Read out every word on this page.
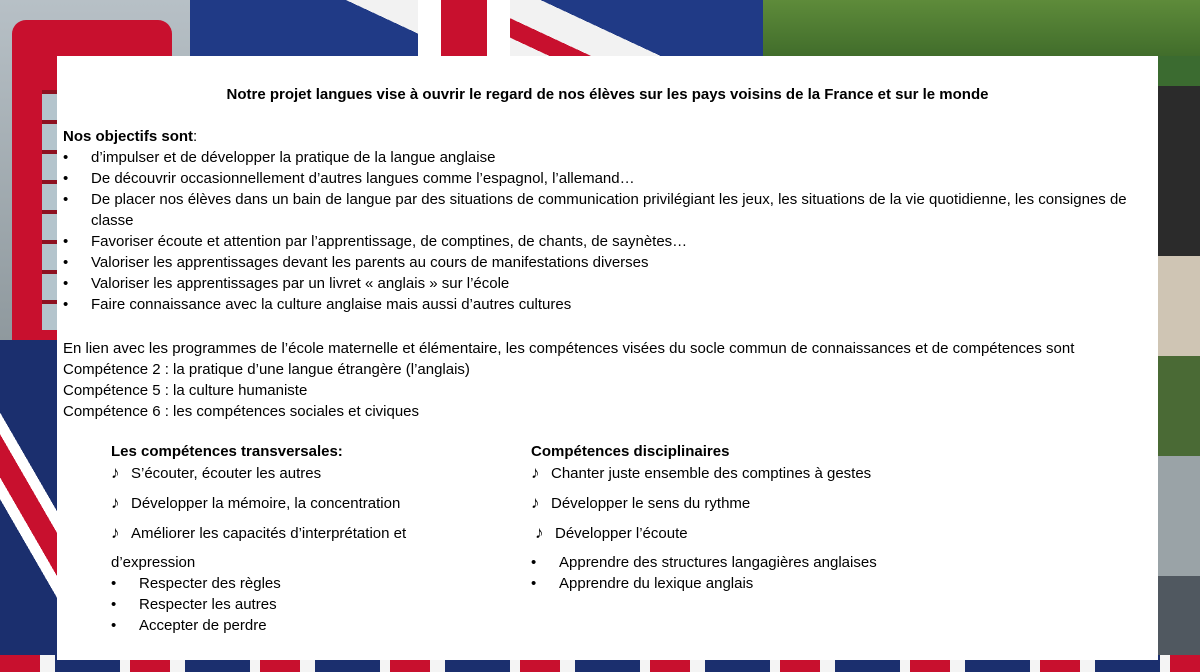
Notre projet langues vise à ouvrir le regard de nos élèves sur les pays voisins de la France et sur le monde
Nos objectifs sont:
• d’impulser et de développer la pratique de la langue anglaise
• De découvrir occasionnellement d’autres langues comme l’espagnol, l’allemand…
• De placer nos élèves dans un bain de langue par des situations de communication privilégiant les jeux, les situations de la vie quotidienne, les consignes de classe
• Favoriser écoute et attention par l’apprentissage, de comptines, de chants, de saynètes…
• Valoriser les apprentissages devant les parents au cours de manifestations diverses
• Valoriser les apprentissages par un livret « anglais » sur l’école
• Faire connaissance avec la culture anglaise mais aussi d’autres cultures
En lien avec les programmes de l’école maternelle et élémentaire, les compétences visées du socle commun de connaissances et de compétences sont
Compétence 2 : la pratique d’une langue étrangère (l’anglais)
Compétence 5 : la culture humaniste
Compétence 6 : les compétences sociales et civiques
Les compétences transversales:
♪ S’écouter, écouter les autres
♪ Développer la mémoire, la concentration
♪ Améliorer les capacités d’interprétation et
d’expression
• Respecter des règles
• Respecter les autres
• Accepter de perdre
Compétences disciplinaires
♪ Chanter juste ensemble des comptines à gestes
♪ Développer le sens du rythme
♪ Développer l’écoute
• Apprendre des structures langagières anglaises
• Apprendre du lexique anglais
